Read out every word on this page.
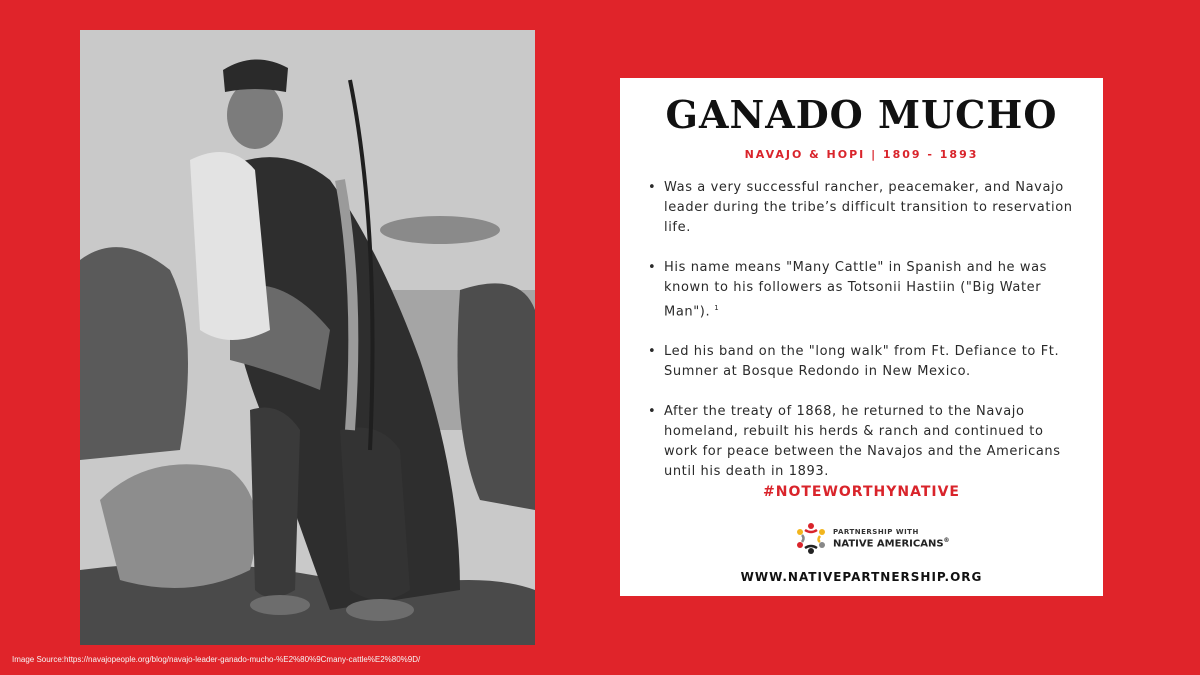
GANADO MUCHO
NAVAJO & HOPI | 1809 - 1893
• Was a very successful rancher, peacemaker, and Navajo leader during the tribe’s difficult transition to reservation life.
• His name means "Many Cattle" in Spanish and he was known to his followers as Totsonii Hastiin ("Big Water Man"). $^1$
• Led his band on the "long walk" from Ft. Defiance to Ft. Sumner at Bosque Redondo in New Mexico.
• After the treaty of 1868, he returned to the Navajo homeland, rebuilt his herds & ranch and continued to work for peace between the Navajos and the Americans until his death in 1893.
#NOTEWORTHYNATIVE
PARTNERSHIP WITH
NATIVE AMERICANS®
WWW.NATIVEPARTNERSHIP.ORG
Image Source:https://navajopeople.org/blog/navajo-leader-ganado-mucho-%E2%80%9Cmany-cattle%E2%80%9D/
